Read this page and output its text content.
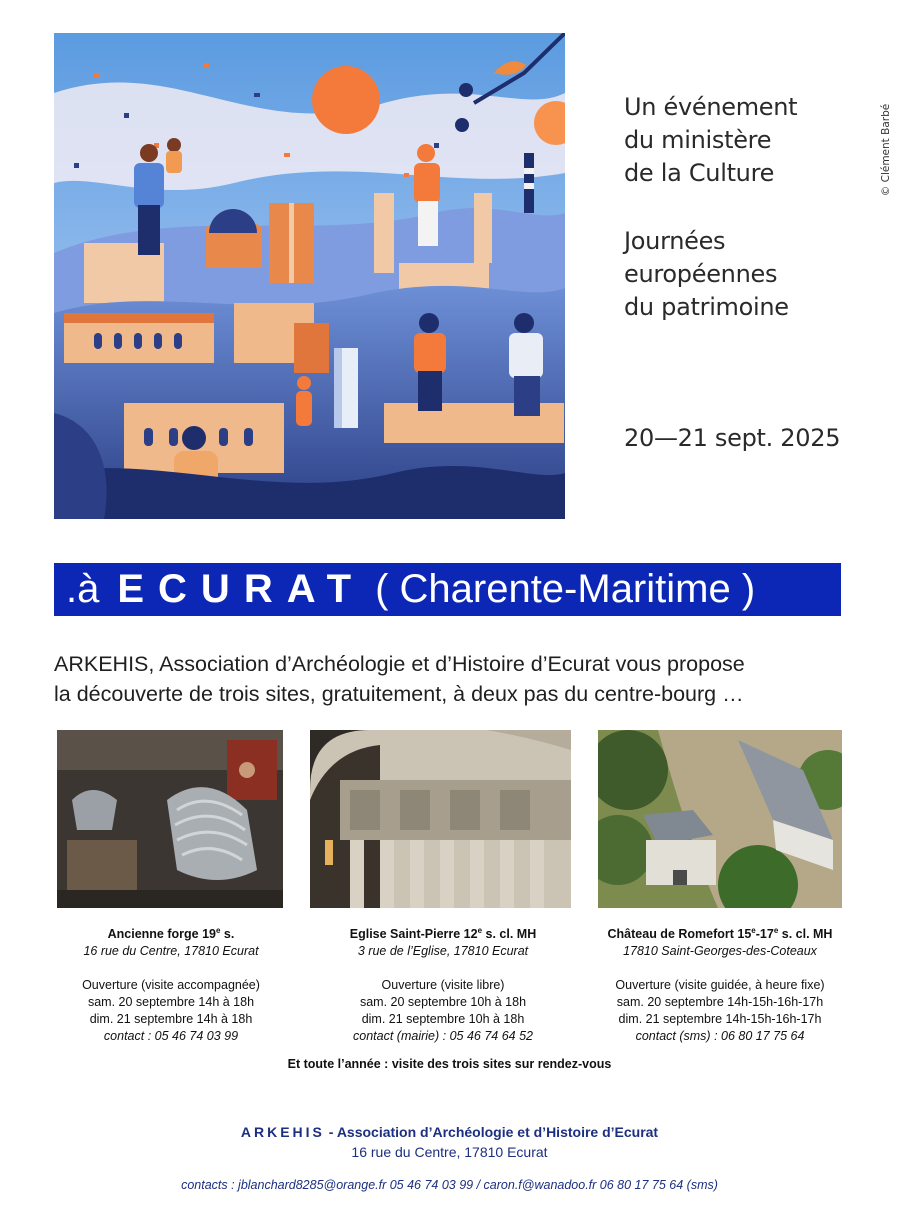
Un événement
du ministère
de la Culture
Journées
européennes
du patrimoine
20—21 sept. 2025
© Clément Barbé
.à ECURAT ( Charente-Maritime )
ARKEHIS, Association d’Archéologie et d’Histoire d’Ecurat vous propose
la découverte de trois sites, gratuitement, à deux pas du centre-bourg …
Ancienne forge 19e s.
16 rue du Centre, 17810 Ecurat
Ouverture (visite accompagnée)
sam. 20 septembre 14h à 18h
dim. 21 septembre 14h à 18h
contact : 05 46 74 03 99
Eglise Saint-Pierre 12e s. cl. MH
3 rue de l’Eglise, 17810 Ecurat
Ouverture (visite libre)
sam. 20 septembre 10h à 18h
dim. 21 septembre 10h à 18h
contact (mairie) : 05 46 74 64 52
Château de Romefort 15e-17e s. cl. MH
17810 Saint-Georges-des-Coteaux
Ouverture (visite guidée, à heure fixe)
sam. 20 septembre 14h-15h-16h-17h
dim. 21 septembre 14h-15h-16h-17h
contact (sms) : 06 80 17 75 64
Et toute l’année : visite des trois sites sur rendez-vous
ARKEHIS - Association d’Archéologie et d’Histoire d’Ecurat
16 rue du Centre, 17810 Ecurat
contacts : jblanchard8285@orange.fr 05 46 74 03 99 / caron.f@wanadoo.fr 06 80 17 75 64 (sms)
